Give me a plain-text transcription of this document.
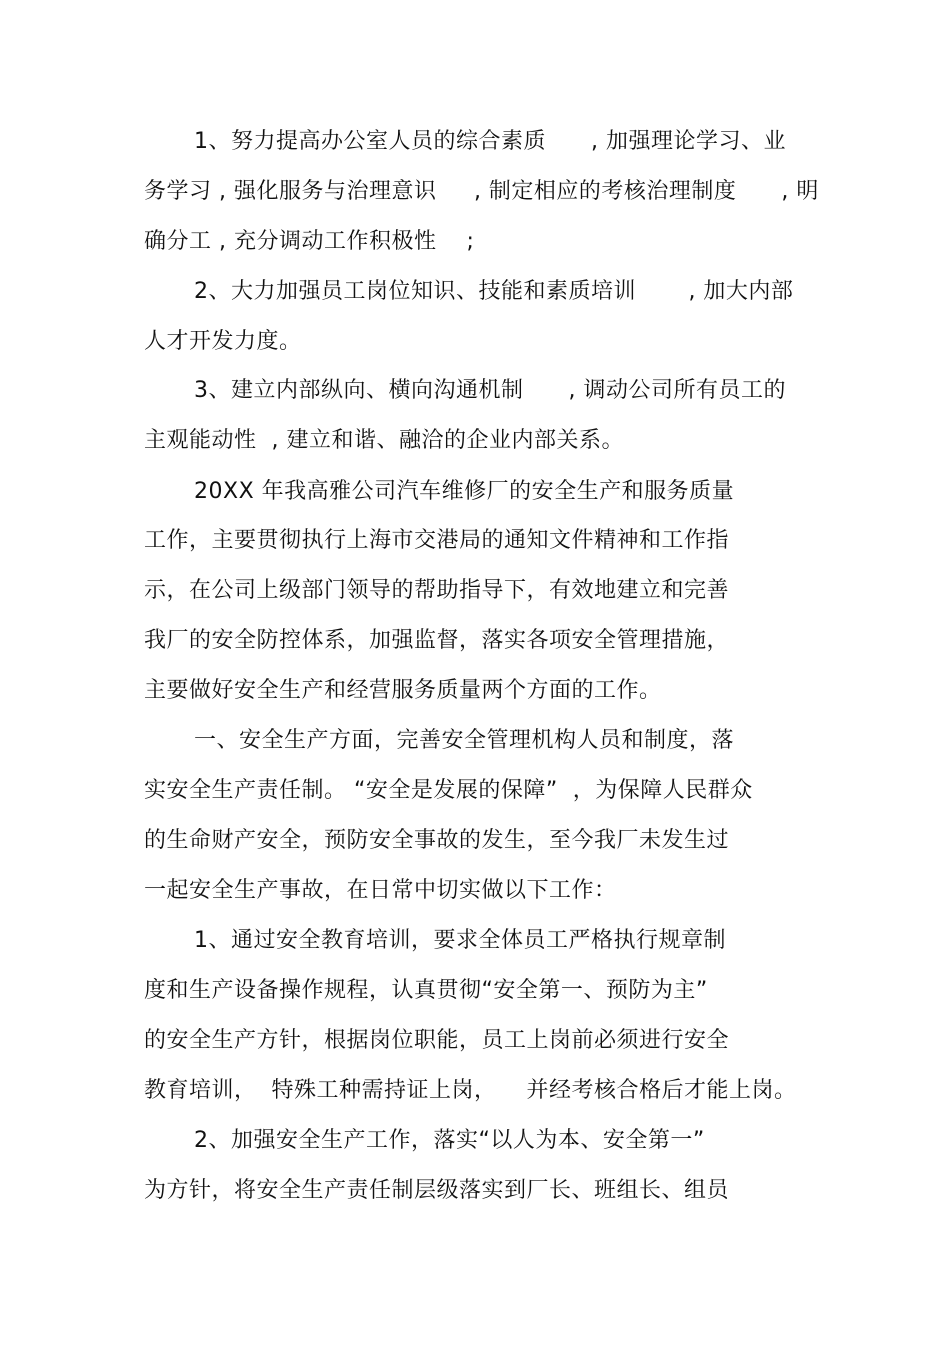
1、努力提高办公室人员的综合素质      , 加强理论学习、业
务学习 , 强化服务与治理意识     , 制定相应的考核治理制度      , 明
确分工 , 充分调动工作积极性    ;
2、大力加强员工岗位知识、技能和素质培训       , 加大内部
人才开发力度。
3、建立内部纵向、横向沟通机制      , 调动公司所有员工的
主观能动性  , 建立和谐、融洽的企业内部关系。
20XX 年我高雅公司汽车维修厂的安全生产和服务质量
工作，主要贯彻执行上海市交港局的通知文件精神和工作指
示，在公司上级部门领导的帮助指导下，有效地建立和完善
我厂的安全防控体系，加强监督，落实各项安全管理措施，
主要做好安全生产和经营服务质量两个方面的工作。
一、安全生产方面，完善安全管理机构人员和制度，落
实安全生产责任制。 “安全是发展的保障”  ，为保障人民群众
的生命财产安全，预防安全事故的发生，至今我厂未发生过
一起安全生产事故，在日常中切实做以下工作：
1、通过安全教育培训，要求全体员工严格执行规章制
度和生产设备操作规程，认真贯彻“安全第一、预防为主”
的安全生产方针，根据岗位职能，员工上岗前必须进行安全
教育培训，  特殊工种需持证上岗，    并经考核合格后才能上岗。
2、加强安全生产工作，落实“以人为本、安全第一”
为方针，将安全生产责任制层级落实到厂长、班组长、组员
